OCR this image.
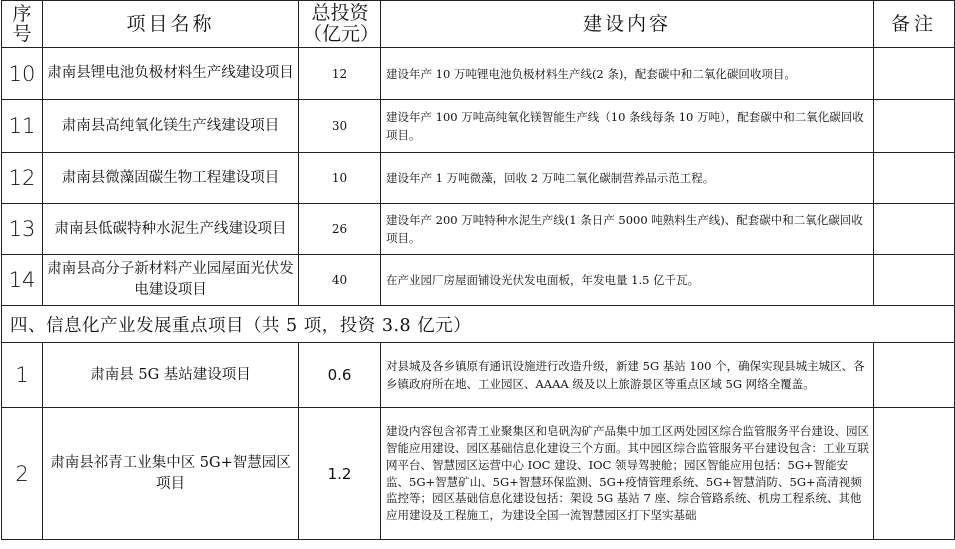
序号	项目名称	总投资（亿元）	建设内容	备注
10	肃南县锂电池负极材料生产线建设项目	12	建设年产 10 万吨锂电池负极材料生产线(2 条)，配套碳中和二氧化碳回收项目。	
11	肃南县高纯氧化镁生产线建设项目	30	建设年产 100 万吨高纯氧化镁智能生产线（10 条线每条 10 万吨），配套碳中和二氧化碳回收项目。	
12	肃南县微藻固碳生物工程建设项目	10	建设年产 1 万吨微藻，回收 2 万吨二氧化碳制营养品示范工程。	
13	肃南县低碳特种水泥生产线建设项目	26	建设年产 200 万吨特种水泥生产线(1 条日产 5000 吨熟料生产线)、配套碳中和二氧化碳回收项目。	
14	肃南县高分子新材料产业园屋面光伏发电建设项目	40	在产业园厂房屋面铺设光伏发电面板，年发电量 1.5 亿千瓦。	
四、信息化产业发展重点项目（共 5 项，投资 3.8 亿元）				
1	肃南县 5G 基站建设项目	0.6	对县城及各乡镇原有通讯设施进行改造升级，新建 5G 基站 100 个，确保实现县城主城区、各乡镇政府所在地、工业园区、AAAA 级及以上旅游景区等重点区域 5G 网络全覆盖。	
2	肃南县祁青工业集中区 5G+智慧园区项目	1.2	建设内容包含祁青工业聚集区和皂矾沟矿产品集中加工区两处园区综合监管服务平台建设、园区智能应用建设、园区基础信息化建设三个方面。其中园区综合监管服务平台建设包含：工业互联网平台、智慧园区运营中心 IOC 建设、IOC 领导驾驶舱；园区智能应用包括：5G+智能安监、5G+智慧矿山、5G+智慧环保监测、5G+疫情管理系统、5G+智慧消防、5G+高清视频监控等；园区基础信息化建设包括：架设 5G 基站 7 座、综合管路系统、机房工程系统、其他应用建设及工程施工，为建设全国一流智慧园区打下坚实基础	
